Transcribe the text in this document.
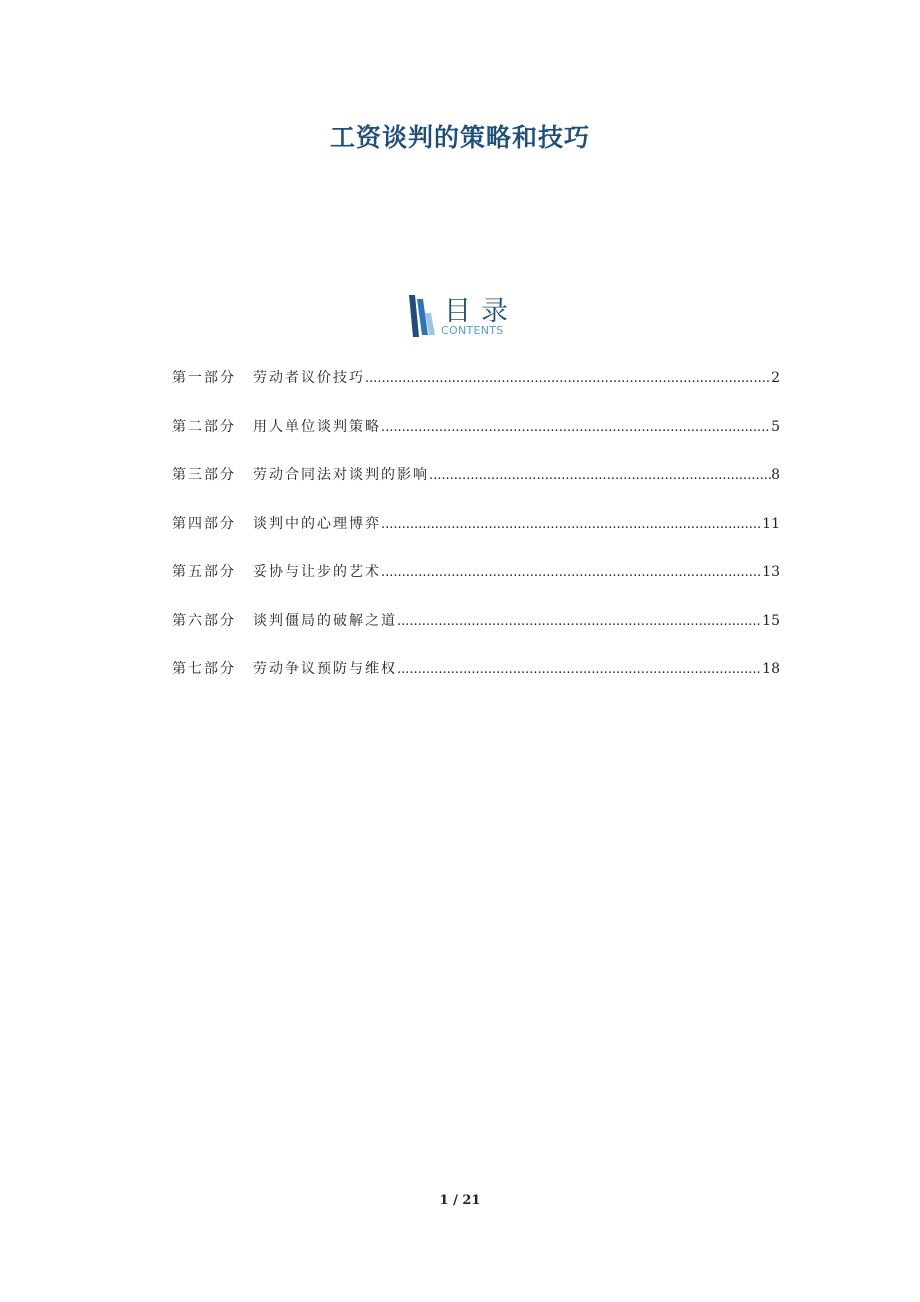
工资谈判的策略和技巧
目录
CONTENTS
第一部分	劳动者议价技巧 .....	2
第二部分	用人单位谈判策略 .....	5
第三部分	劳动合同法对谈判的影响 .....	8
第四部分	谈判中的心理博弈 .....	11
第五部分	妥协与让步的艺术 .....	13
第六部分	谈判僵局的破解之道 .....	15
第七部分	劳动争议预防与维权 .....	18
1 / 21
